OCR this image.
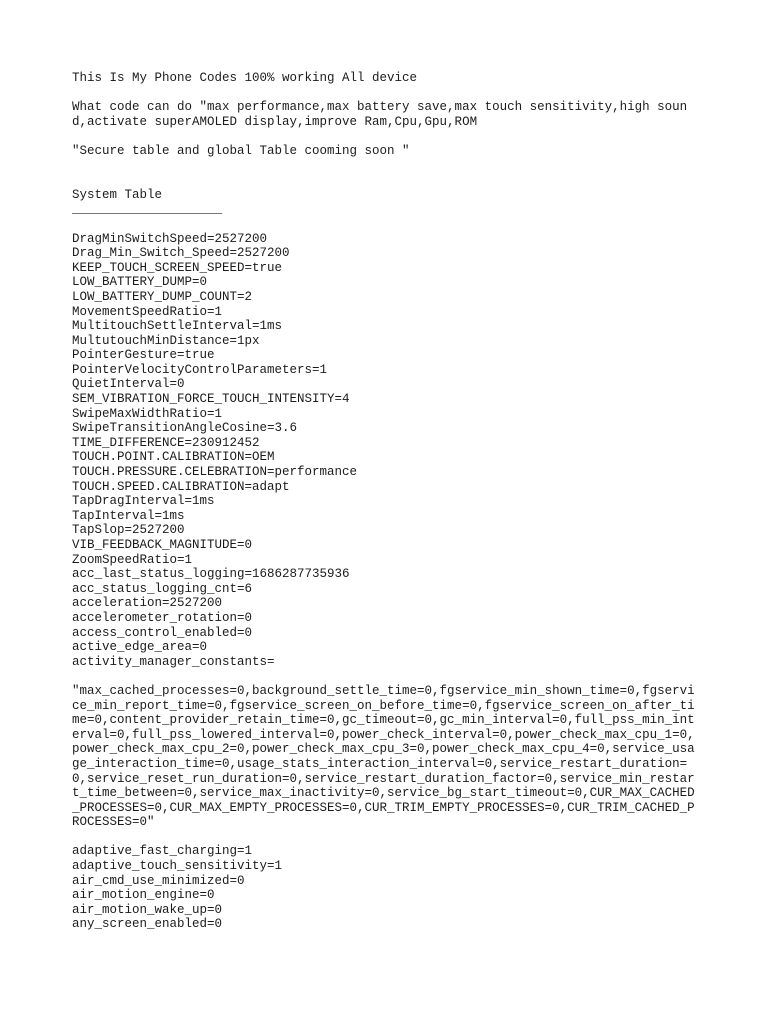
This Is My Phone Codes 100% working All device
What code can do "max performance,max battery save,max touch sensitivity,high sound,activate superAMOLED display,improve Ram,Cpu,Gpu,ROM
"Secure table and global Table cooming soon "
System Table
____________________
DragMinSwitchSpeed=2527200
Drag_Min_Switch_Speed=2527200
KEEP_TOUCH_SCREEN_SPEED=true
LOW_BATTERY_DUMP=0
LOW_BATTERY_DUMP_COUNT=2
MovementSpeedRatio=1
MultitouchSettleInterval=1ms
MultutouchMinDistance=1px
PointerGesture=true
PointerVelocityControlParameters=1
QuietInterval=0
SEM_VIBRATION_FORCE_TOUCH_INTENSITY=4
SwipeMaxWidthRatio=1
SwipeTransitionAngleCosine=3.6
TIME_DIFFERENCE=230912452
TOUCH.POINT.CALIBRATION=OEM
TOUCH.PRESSURE.CELEBRATION=performance
TOUCH.SPEED.CALIBRATION=adapt
TapDragInterval=1ms
TapInterval=1ms
TapSlop=2527200
VIB_FEEDBACK_MAGNITUDE=0
ZoomSpeedRatio=1
acc_last_status_logging=1686287735936
acc_status_logging_cnt=6
acceleration=2527200
accelerometer_rotation=0
access_control_enabled=0
active_edge_area=0
activity_manager_constants=
"max_cached_processes=0,background_settle_time=0,fgservice_min_shown_time=0,fgservice_min_report_time=0,fgservice_screen_on_before_time=0,fgservice_screen_on_after_time=0,content_provider_retain_time=0,gc_timeout=0,gc_min_interval=0,full_pss_min_interval=0,full_pss_lowered_interval=0,power_check_interval=0,power_check_max_cpu_1=0,power_check_max_cpu_2=0,power_check_max_cpu_3=0,power_check_max_cpu_4=0,service_usage_interaction_time=0,usage_stats_interaction_interval=0,service_restart_duration=0,service_reset_run_duration=0,service_restart_duration_factor=0,service_min_restart_time_between=0,service_max_inactivity=0,service_bg_start_timeout=0,CUR_MAX_CACHED_PROCESSES=0,CUR_MAX_EMPTY_PROCESSES=0,CUR_TRIM_EMPTY_PROCESSES=0,CUR_TRIM_CACHED_PROCESSES=0"
adaptive_fast_charging=1
adaptive_touch_sensitivity=1
air_cmd_use_minimized=0
air_motion_engine=0
air_motion_wake_up=0
any_screen_enabled=0
